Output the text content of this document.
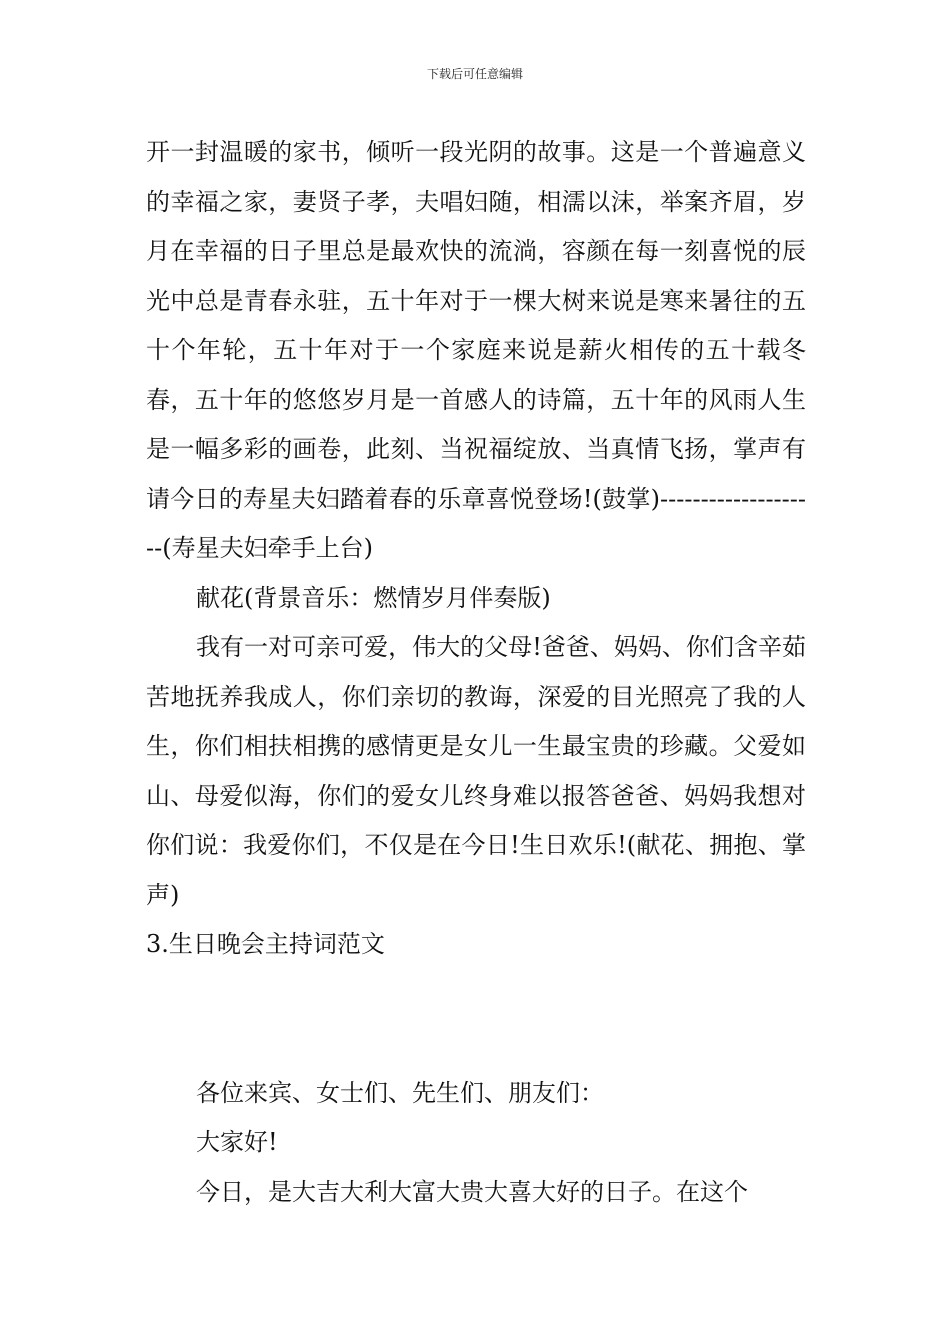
下载后可任意编辑

开一封温暖的家书，倾听一段光阴的故事。这是一个普遍意义的幸福之家，妻贤子孝，夫唱妇随，相濡以沫，举案齐眉，岁月在幸福的日子里总是最欢快的流淌，容颜在每一刻喜悦的辰光中总是青春永驻，五十年对于一棵大树来说是寒来暑往的五十个年轮，五十年对于一个家庭来说是薪火相传的五十载冬春，五十年的悠悠岁月是一首感人的诗篇，五十年的风雨人生是一幅多彩的画卷，此刻、当祝福绽放、当真情飞扬，掌声有请今日的寿星夫妇踏着春的乐章喜悦登场!(鼓掌)--------------------(寿星夫妇牵手上台)

献花(背景音乐：燃情岁月伴奏版)

我有一对可亲可爱，伟大的父母!爸爸、妈妈、你们含辛茹苦地抚养我成人，你们亲切的教诲，深爱的目光照亮了我的人生，你们相扶相携的感情更是女儿一生最宝贵的珍藏。父爱如山、母爱似海，你们的爱女儿终身难以报答爸爸、妈妈我想对你们说：我爱你们，不仅是在今日!生日欢乐!(献花、拥抱、掌声)

3.生日晚会主持词范文

各位来宾、女士们、先生们、朋友们：

大家好!

今日，是大吉大利大富大贵大喜大好的日子。在这个
